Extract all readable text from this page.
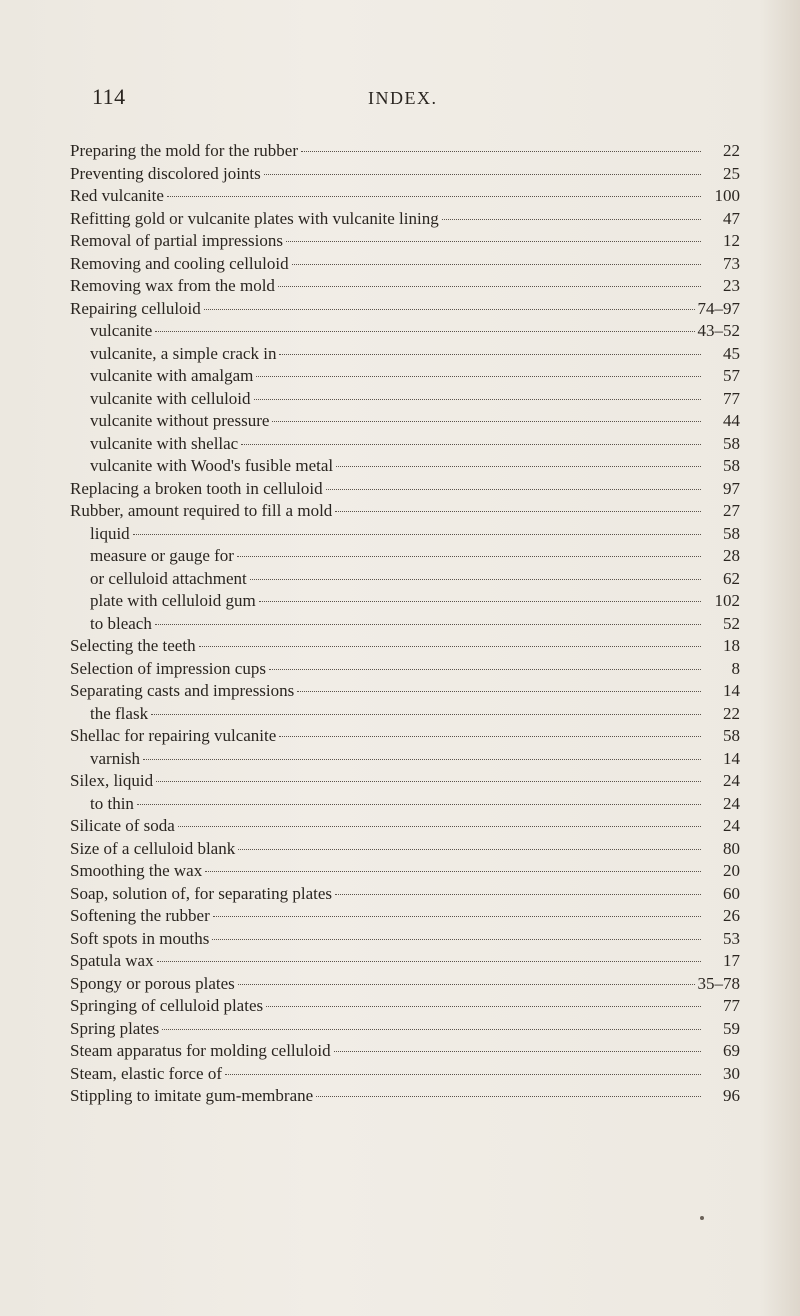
114	INDEX.
Preparing the mold for the rubber	22
Preventing discolored joints	25
Red vulcanite	100
Refitting gold or vulcanite plates with vulcanite lining	47
Removal of partial impressions	12
Removing and cooling celluloid	73
Removing wax from the mold	23
Repairing celluloid	74–97
vulcanite	43–52
vulcanite, a simple crack in	45
vulcanite with amalgam	57
vulcanite with celluloid	77
vulcanite without pressure	44
vulcanite with shellac	58
vulcanite with Wood's fusible metal	58
Replacing a broken tooth in celluloid	97
Rubber, amount required to fill a mold	27
liquid	58
measure or gauge for	28
or celluloid attachment	62
plate with celluloid gum	102
to bleach	52
Selecting the teeth	18
Selection of impression cups	8
Separating casts and impressions	14
the flask	22
Shellac for repairing vulcanite	58
varnish	14
Silex, liquid	24
to thin	24
Silicate of soda	24
Size of a celluloid blank	80
Smoothing the wax	20
Soap, solution of, for separating plates	60
Softening the rubber	26
Soft spots in mouths	53
Spatula wax	17
Spongy or porous plates	35–78
Springing of celluloid plates	77
Spring plates	59
Steam apparatus for molding celluloid	69
Steam, elastic force of	30
Stippling to imitate gum-membrane	96
